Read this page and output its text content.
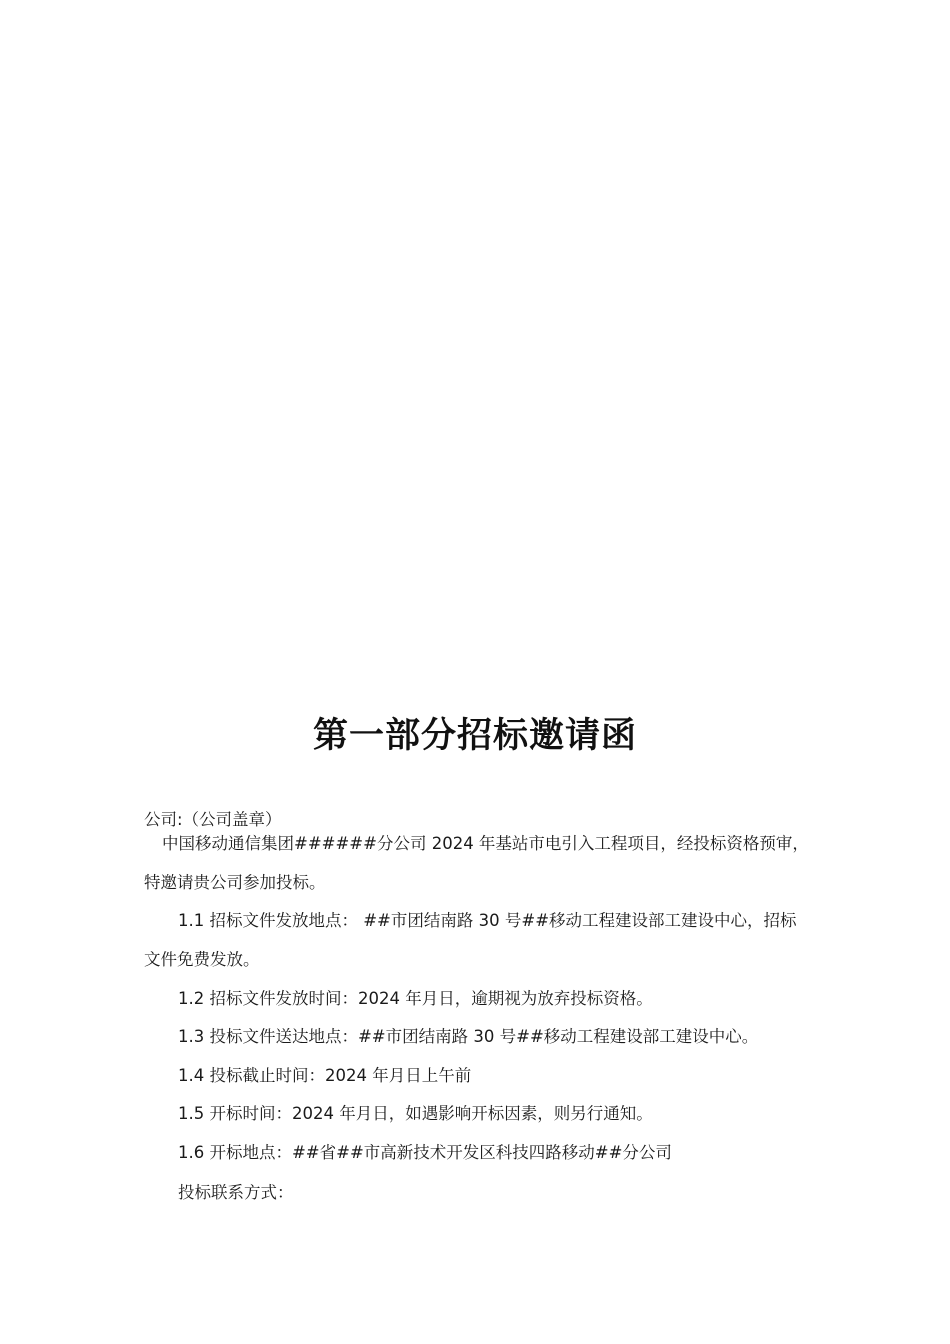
第一部分招标邀请函
公司:（公司盖章）
中国移动通信集团######分公司 2024 年基站市电引入工程项目，经投标资格预审，
特邀请贵公司参加投标。
1.1 招标文件发放地点： ##市团结南路 30 号##移动工程建设部工建设中心，招标
文件免费发放。
1.2 招标文件发放时间：2024 年月日，逾期视为放弃投标资格。
1.3 投标文件送达地点：##市团结南路 30 号##移动工程建设部工建设中心。
1.4 投标截止时间：2024 年月日上午前
1.5 开标时间：2024 年月日，如遇影响开标因素，则另行通知。
1.6 开标地点：##省##市高新技术开发区科技四路移动##分公司
投标联系方式：
